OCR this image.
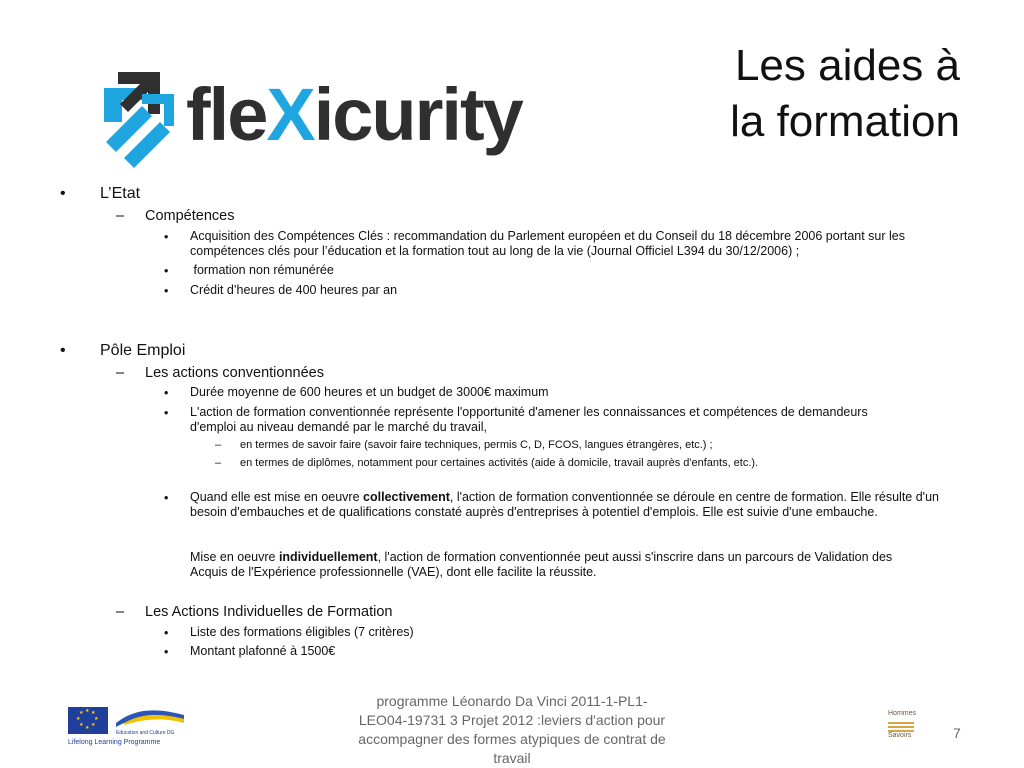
fleXicurity
Les aides à
la formation
• L’Etat
– Compétences
• Acquisition des Compétences Clés : recommandation du Parlement européen et du Conseil du 18 décembre 2006 portant sur les compétences clés pour l’éducation et la formation tout au long de la vie (Journal Officiel L394 du 30/12/2006) ;
• formation non rémunérée
• Crédit d’heures de 400 heures par an
• Pôle Emploi
– Les actions conventionnées
• Durée moyenne de 600 heures et un budget de 3000€ maximum
• L'action de formation conventionnée représente l'opportunité d'amener les connaissances et compétences de demandeurs d'emploi au niveau demandé par le marché du travail,
– en termes de savoir faire (savoir faire techniques, permis C, D, FCOS, langues étrangères, etc.) ;
– en termes de diplômes, notamment pour certaines activités (aide à domicile, travail auprès d'enfants, etc.).
• Quand elle est mise en oeuvre collectivement, l'action de formation conventionnée se déroule en centre de formation. Elle résulte d'un besoin d'embauches et de qualifications constaté auprès d'entreprises à potentiel d'emplois. Elle est suivie d'une embauche.
Mise en oeuvre individuellement, l'action de formation conventionnée peut aussi s'inscrire dans un parcours de Validation des Acquis de l'Expérience professionnelle (VAE), dont elle facilite la réussite.
– Les Actions Individuelles de Formation
• Liste des formations éligibles (7 critères)
• Montant plafonné à 1500€
★ ★
★
★
★
★
★
★
Education and Culture DG
Lifelong Learning Programme
programme Léonardo Da Vinci 2011-1-PL1-LEO04-19731 3 Projet 2012 :leviers d'action pour accompagner des formes atypiques de contrat de travail
Hommes
Savoirs	7
